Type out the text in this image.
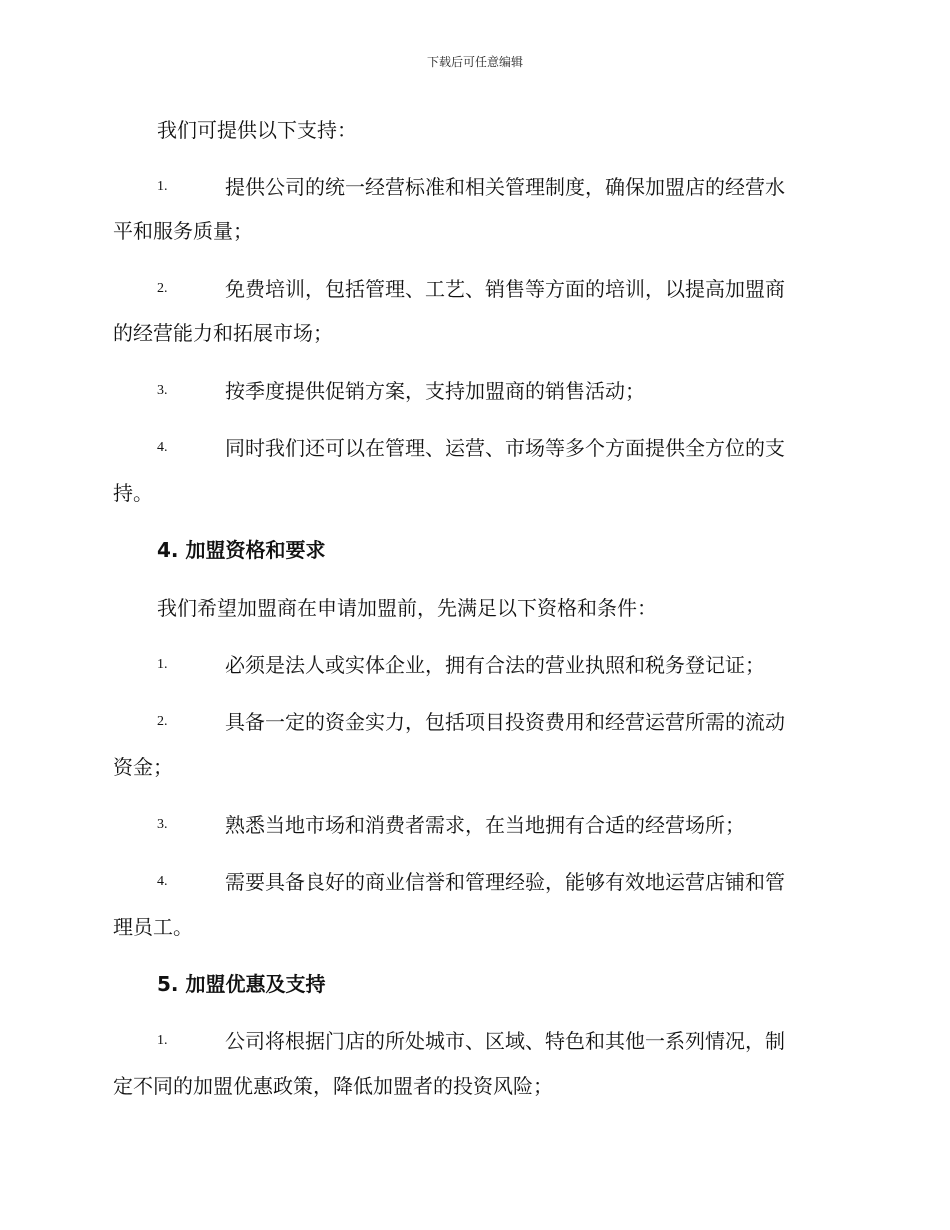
下载后可任意编辑
我们可提供以下支持：
1.	提供公司的统一经营标准和相关管理制度，确保加盟店的经营水
平和服务质量；
2.	免费培训，包括管理、工艺、销售等方面的培训，以提高加盟商
的经营能力和拓展市场；
3.	按季度提供促销方案，支持加盟商的销售活动；
4.	同时我们还可以在管理、运营、市场等多个方面提供全方位的支
持。
4. 加盟资格和要求
我们希望加盟商在申请加盟前，先满足以下资格和条件：
1.	必须是法人或实体企业，拥有合法的营业执照和税务登记证；
2.	具备一定的资金实力，包括项目投资费用和经营运营所需的流动
资金；
3.	熟悉当地市场和消费者需求，在当地拥有合适的经营场所；
4.	需要具备良好的商业信誉和管理经验，能够有效地运营店铺和管
理员工。
5. 加盟优惠及支持
1.	公司将根据门店的所处城市、区域、特色和其他一系列情况，制
定不同的加盟优惠政策，降低加盟者的投资风险；
